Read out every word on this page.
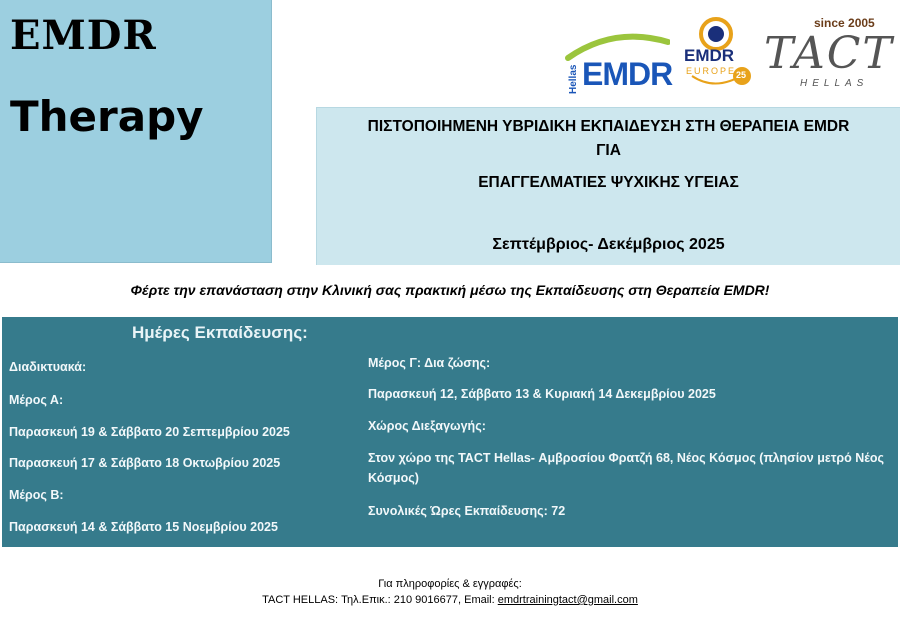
EMDR
Therapy
EMDR
Hellas
EMDR
EUROPE 25
since 2005
TACT
HELLAS
ΠΙΣΤΟΠΟΙΗΜΕΝΗ ΥΒΡΙΔΙΚΗ ΕΚΠΑΙΔΕΥΣΗ ΣΤΗ ΘΕΡΑΠΕΙΑ EMDR
ΓΙΑ
ΕΠΑΓΓΕΛΜΑΤΙΕΣ ΨΥΧΙΚΗΣ ΥΓΕΙΑΣ
Σεπτέμβριος- Δεκέμβριος 2025
Φέρτε την επανάσταση στην Κλινική σας πρακτική μέσω της Εκπαίδευσης στη Θεραπεία EMDR!
Ημέρες Εκπαίδευσης:
Διαδικτυακά:
Μέρος Α:
Παρασκευή 19 & Σάββατο 20 Σεπτεμβρίου 2025
Παρασκευή 17 & Σάββατο 18 Οκτωβρίου 2025
Μέρος Β:
Παρασκευή 14 & Σάββατο 15 Νοεμβρίου 2025
Μέρος Γ: Δια ζώσης:
Παρασκευή 12, Σάββατο 13 & Κυριακή 14 Δεκεμβρίου 2025
Χώρος Διεξαγωγής:
Στον χώρο της TACT Hellas- Αμβροσίου Φρατζή 68, Νέος Κόσμος (πλησίον μετρό Νέος Κόσμος)
Συνολικές Ώρες Εκπαίδευσης: 72
Για πληροφορίες & εγγραφές:
TACT HELLAS: Τηλ.Επικ.: 210 9016677, Email: emdrtrainingtact@gmail.com
